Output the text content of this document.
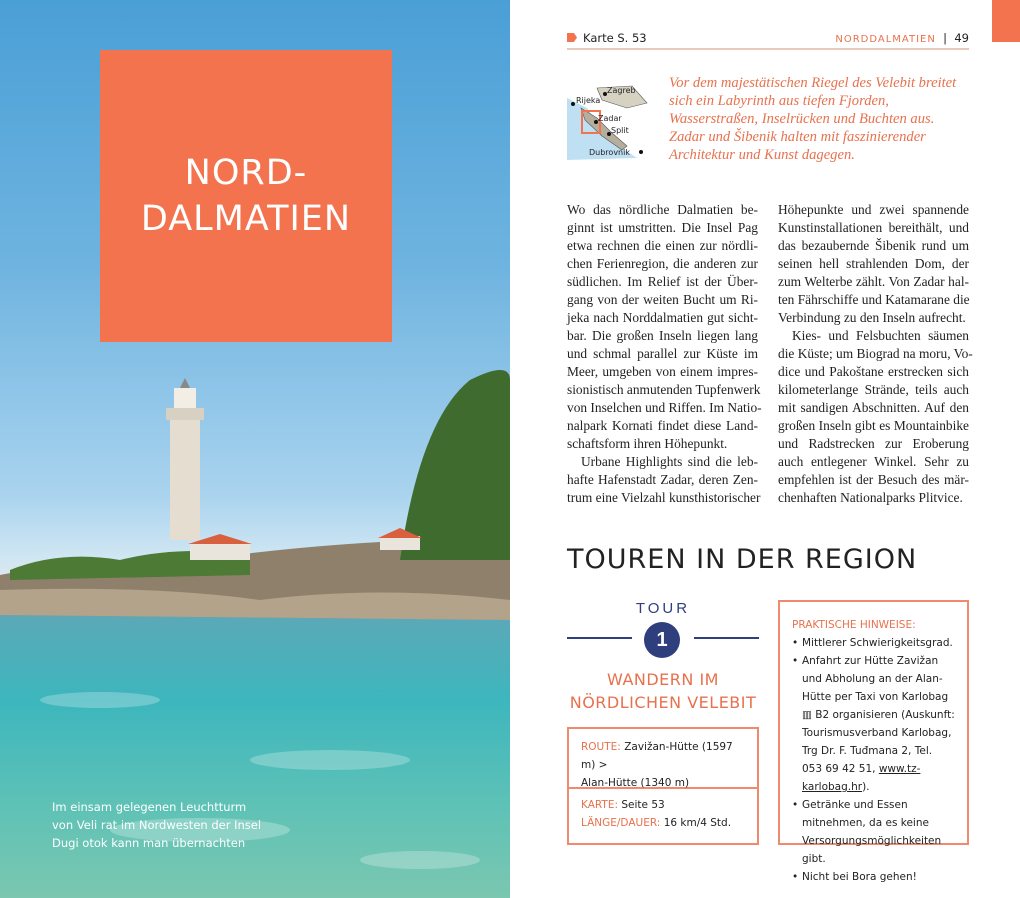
NORD-
DALMATIEN
Im einsam gelegenen Leuchtturm
von Veli rat im Nordwesten der Insel
Dugi otok kann man übernachten
Karte S. 53	NORDDALMATIEN | 49
Zagreb
Rijeka
Zadar
Split
Dubrovnik
Vor dem majestätischen Riegel des Velebit breitet sich ein Labyrinth aus tiefen Fjorden, Wasserstraßen, Inselrücken und Buchten aus. Zadar und Šibenik halten mit faszinierender Architektur und Kunst dagegen.
Wo das nördliche Dalmatien be-
ginnt ist umstritten. Die Insel Pag
etwa rechnen die einen zur nördli-
chen Ferienregion, die anderen zur
südlichen. Im Relief ist der Über-
gang von der weiten Bucht um Ri-
jeka nach Norddalmatien gut sicht-
bar. Die großen Inseln liegen lang
und schmal parallel zur Küste im
Meer, umgeben von einem impres-
sionistisch anmutenden Tupfenwerk
von Inselchen und Riffen. Im Natio-
nalpark Kornati findet diese Land-
schaftsform ihren Höhepunkt.
Urbane Highlights sind die leb-
hafte Hafenstadt Zadar, deren Zen-
trum eine Vielzahl kunsthistorischer
Höhepunkte und zwei spannende
Kunstinstallationen bereithält, und
das bezaubernde Šibenik rund um
seinen hell strahlenden Dom, der
zum Welterbe zählt. Von Zadar hal-
ten Fährschiffe und Katamarane die
Verbindung zu den Inseln aufrecht.
Kies- und Felsbuchten säumen
die Küste; um Biograd na moru, Vo-
dice und Pakoštane erstrecken sich
kilometerlange Strände, teils auch
mit sandigen Abschnitten. Auf den
großen Inseln gibt es Mountainbike
und Radstrecken zur Eroberung
auch entlegener Winkel. Sehr zu
empfehlen ist der Besuch des mär-
chenhaften Nationalparks Plitvice.
TOUREN IN DER REGION
TOUR
1
WANDERN IM
NÖRDLICHEN VELEBIT
ROUTE: Zavižan-Hütte (1597 m) >
Alan-Hütte (1340 m)
KARTE: Seite 53
LÄNGE/DAUER: 16 km/4 Std.
PRAKTISCHE HINWEISE:
• Mittlerer Schwierigkeitsgrad.
• Anfahrt zur Hütte Zavižan und Abholung an der Alan-Hütte per Taxi von Karlobag ▥ B2 organisieren (Auskunft: Tourismusverband Karlobag, Trg Dr. F. Tuđmana 2, Tel. 053 69 42 51, www.tz-karlobag.hr).
• Getränke und Essen mitnehmen, da es keine Versorgungsmöglichkeiten gibt.
• Nicht bei Bora gehen!
